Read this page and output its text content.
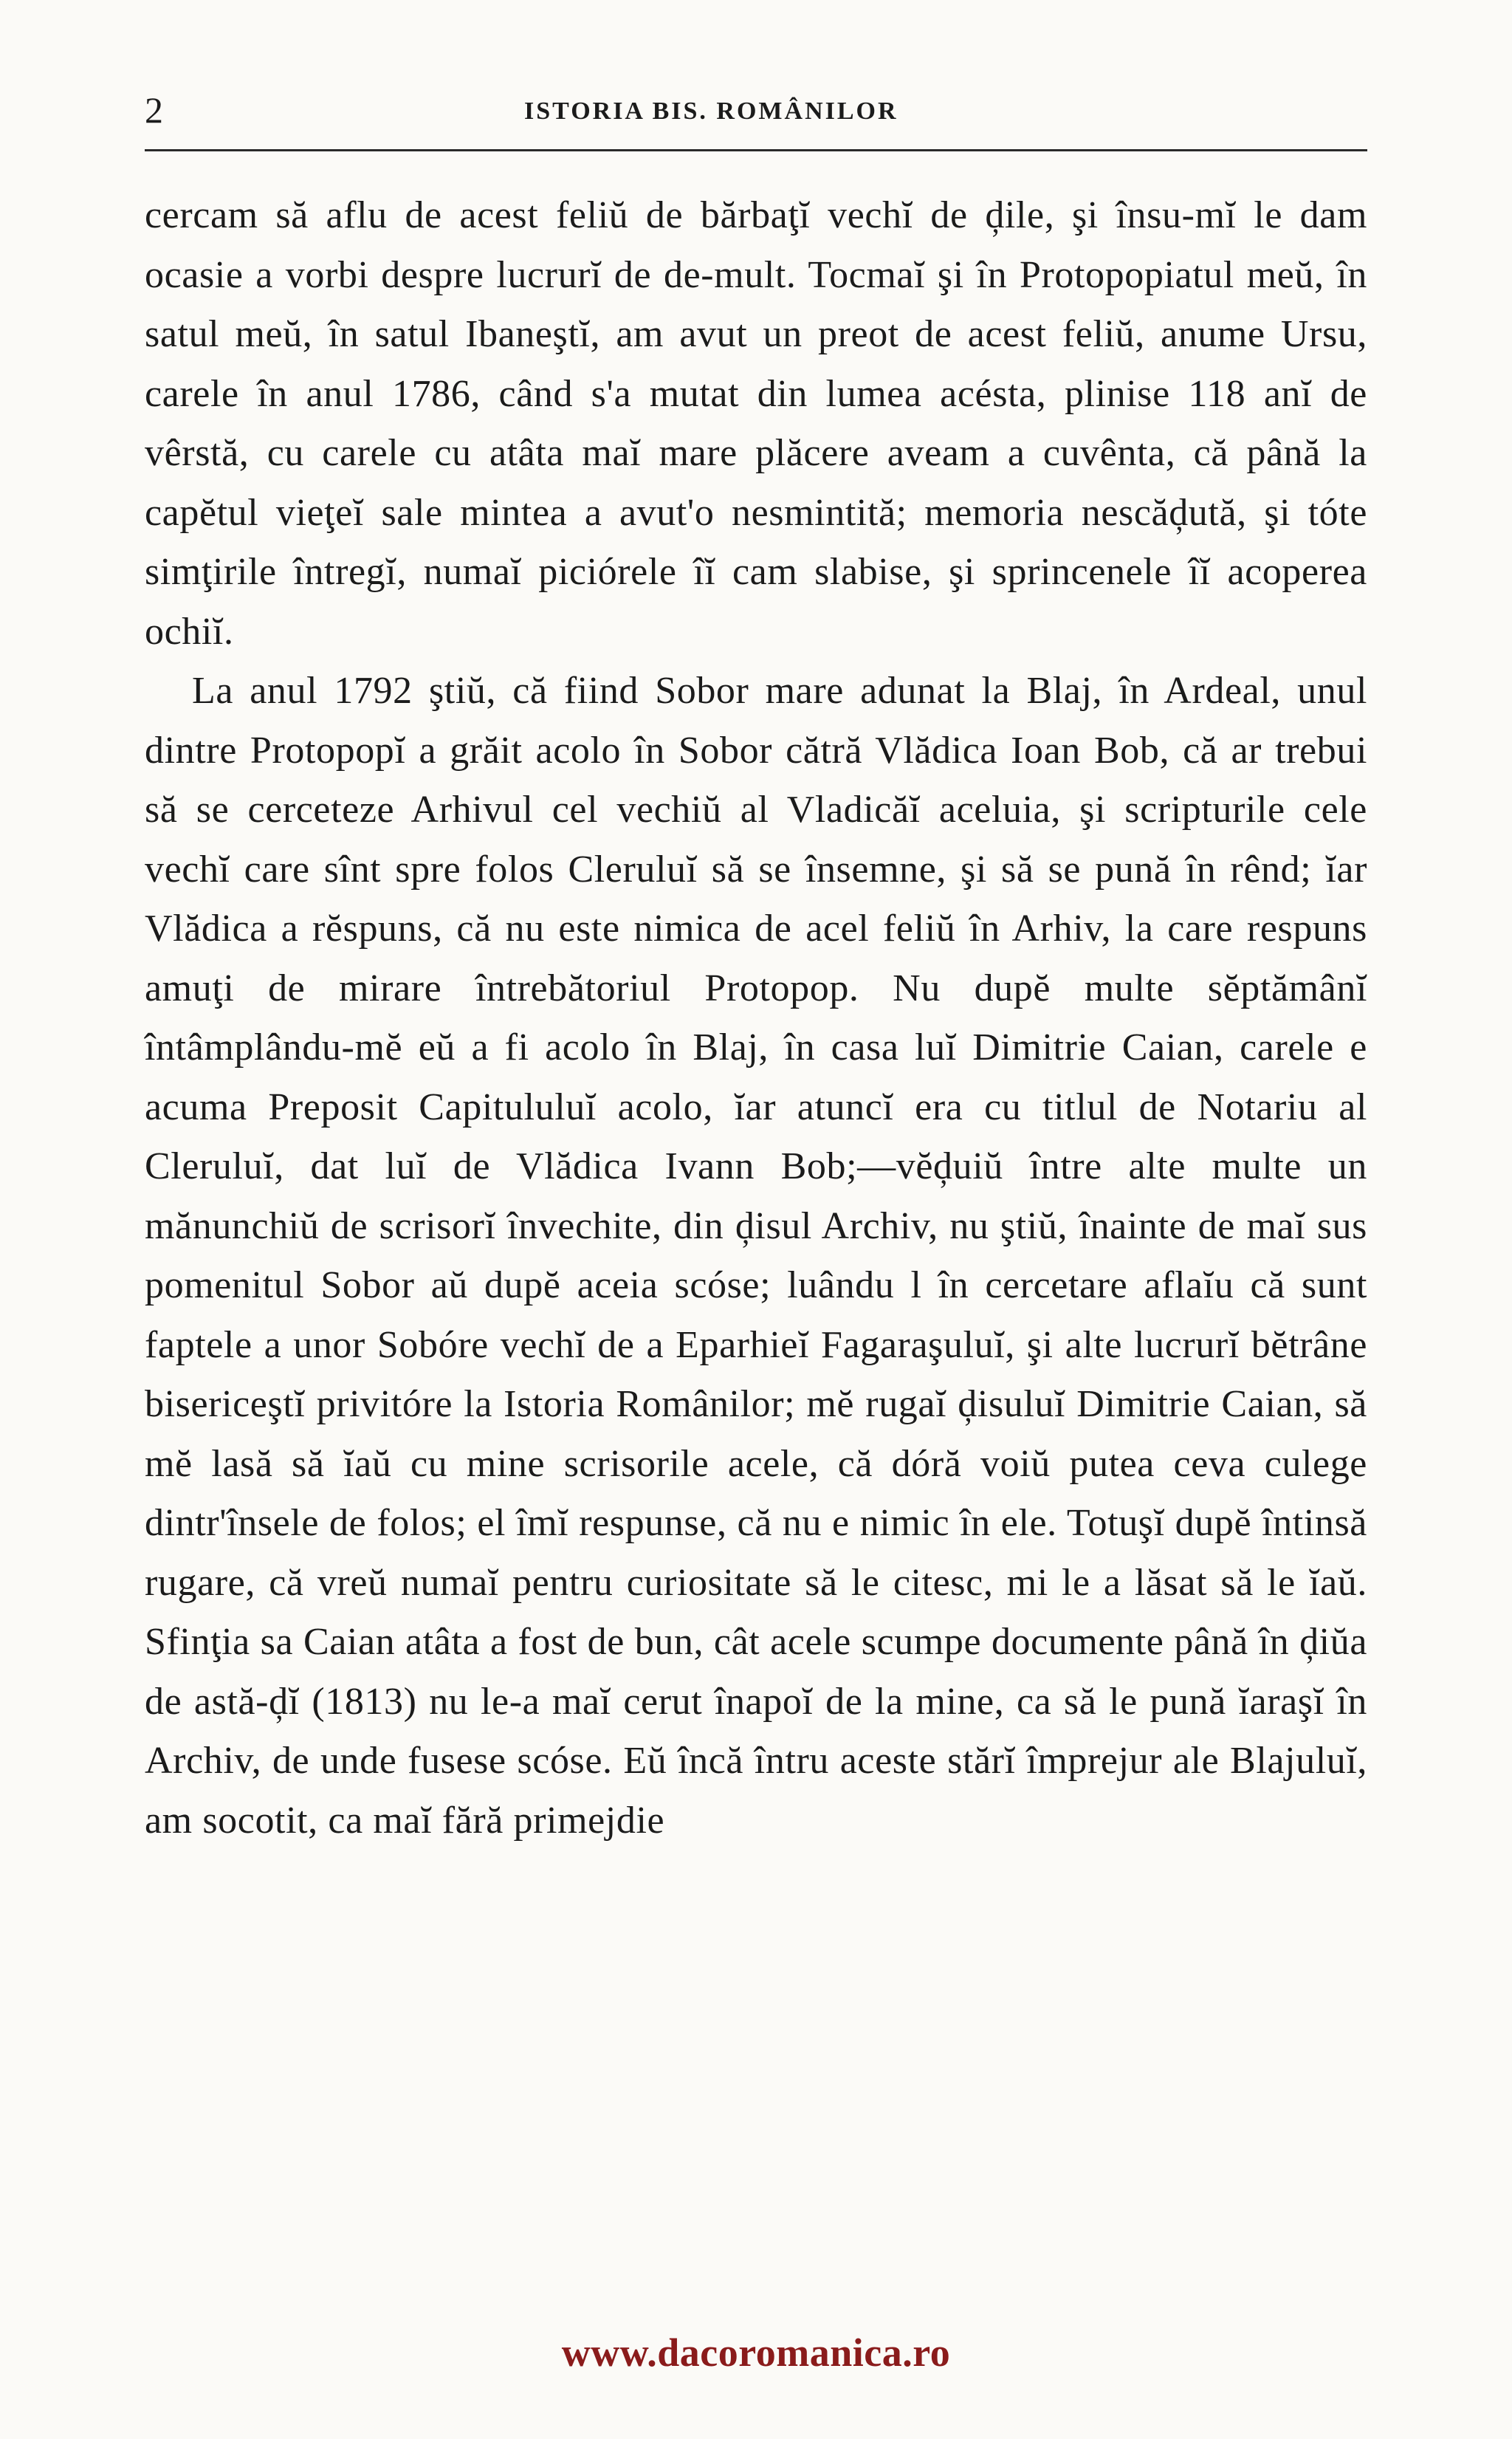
2	ISTORIA BIS. ROMÂNILOR

cercam să aflu de acest feliŭ de bărbaţĭ vechĭ de ḑile, şi însu-mĭ le dam ocasie a vorbi despre lucrurĭ de de-mult. Tocmaĭ şi în Protopopiatul meŭ, în satul meŭ, în satul Ibaneştĭ, am avut un preot de acest feliŭ, anume Ursu, carele în anul 1786, când s'a mutat din lumea acésta, plinise 118 anĭ de vêrstă, cu carele cu atâta maĭ mare plăcere aveam a cuvênta, că până la capĕtul vieţeĭ sale mintea a avut'o nesmintită; memoria nescăḑută, şi tóte simţirile întregĭ, numaĭ piciórele îĭ cam slabise, şi sprincenele îĭ acoperea ochiĭ.

La anul 1792 ştiŭ, că fiind Sobor mare adunat la Blaj, în Ardeal, unul dintre Protopopĭ a grăit acolo în Sobor cătră Vlădica Ioan Bob, că ar trebui să se cerceteze Arhivul cel vechiŭ al Vladicăĭ aceluia, şi scripturile cele vechĭ care sînt spre folos Cleruluĭ să se însemne, şi să se pună în rênd; ĭar Vlădica a rĕspuns, că nu este nimica de acel feliŭ în Arhiv, la care respuns amuţi de mirare întrebătoriul Protopop. Nu dupĕ multe sĕptămânĭ întâmplându-mĕ eŭ a fi acolo în Blaj, în casa luĭ Dimitrie Caian, carele e acuma Preposit Capitululuĭ acolo, ĭar atuncĭ era cu titlul de Notariu al Cleruluĭ, dat luĭ de Vlădica Ivann Bob;—vĕḑuiŭ între alte multe un mănunchiŭ de scrisorĭ învechite, din ḑisul Archiv, nu ştiŭ, înainte de maĭ sus pomenitul Sobor aŭ dupĕ aceia scóse; luându l în cercetare aflaĭu că sunt faptele a unor Sobóre vechĭ de a Eparhieĭ Fagaraşuluĭ, şi alte lucrurĭ bĕtrâne bisericeştĭ privitóre la Istoria Românilor; mĕ rugaĭ ḑisuluĭ Dimitrie Caian, să mĕ lasă să ĭaŭ cu mine scrisorile acele, că dóră voiŭ putea ceva culege dintr'însele de folos; el îmĭ respunse, că nu e nimic în ele. Totuşĭ dupĕ întinsă rugare, că vreŭ numaĭ pentru curiositate să le citesc, mi le a lăsat să le ĭaŭ. Sfinţia sa Caian atâta a fost de bun, cât acele scumpe documente până în ḑiŭa de astă-ḑĭ (1813) nu le-a maĭ cerut înapoĭ de la mine, ca să le pună ĭaraşĭ în Archiv, de unde fusese scóse. Eŭ încă întru aceste stărĭ împrejur ale Blajuluĭ, am socotit, ca maĭ fără primejdie

www.dacoromanica.ro
